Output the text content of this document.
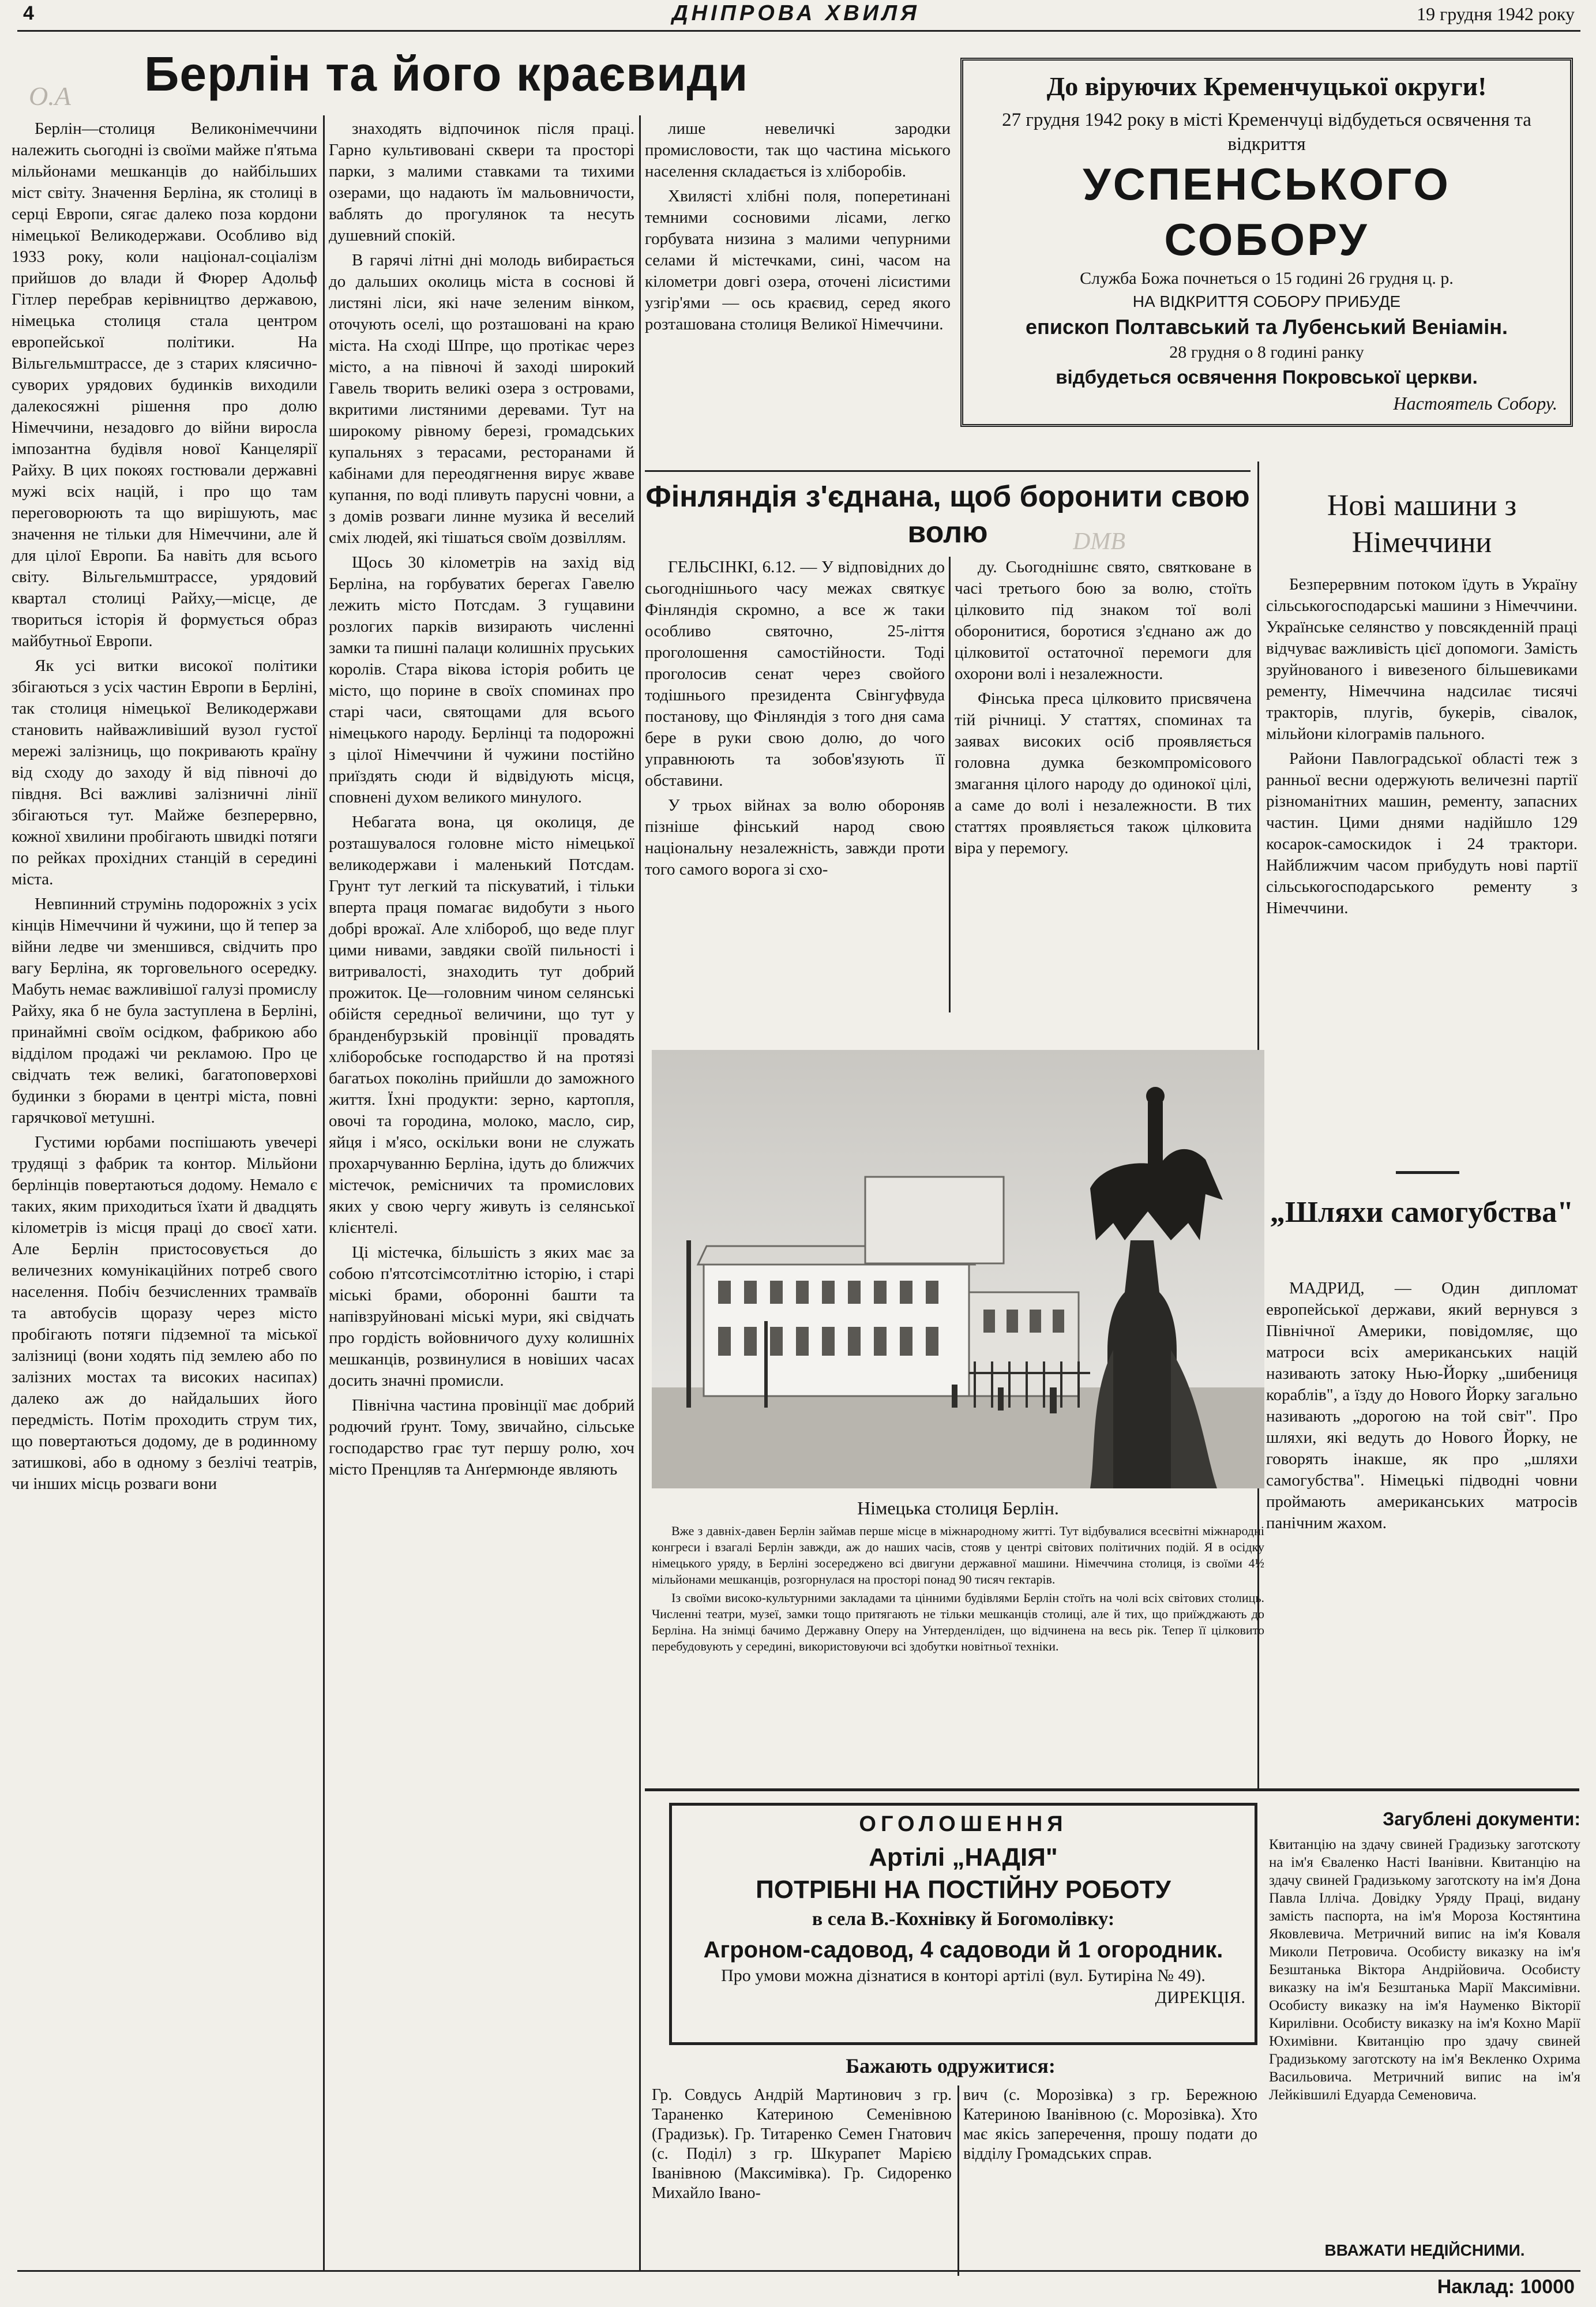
4	ДНІПРОВА ХВИЛЯ	19 грудня 1942 року
O.A
DMB
Берлін та його краєвиди

Берлін—столиця Великонімеччини належить сьогодні із своїми майже п'ятьма мільйонами мешканців до найбільших міст світу. Значення Берліна, як столиці в серці Европи, сягає далеко поза кордони німецької Великодержави. Особливо від 1933 року, коли націонал-соціалізм прийшов до влади й Фюрер Адольф Гітлер перебрав керівництво державою, німецька столиця стала центром европейської політики. На Вільгельмштрассе, де з старих клясично-суворих урядових будинків виходили далекосяжні рішення про долю Німеччини, незадовго до війни виросла імпозантна будівля нової Канцелярії Райху. В цих покоях гостювали державні мужі всіх націй, і про що там переговорюють та що вирішують, має значення не тільки для Німеччини, але й для цілої Европи. Ба навіть для всього світу. Вільгельмштрассе, урядовий квартал столиці Райху,—місце, де твориться історія й формується образ майбутньої Европи.

Як усі витки високої політики збігаються з усіх частин Европи в Берліні, так столиця німецької Великодержави становить найважливіший вузол густої мережі залізниць, що покривають країну від сходу до заходу й від півночі до півдня. Всі важливі залізничні лінії збігаються тут. Майже безперервно, кожної хвилини пробігають швидкі потяги по рейках прохідних станцій в середині міста.

Невпинний струмінь подорожніх з усіх кінців Німеччини й чужини, що й тепер за війни ледве чи зменшився, свідчить про вагу Берліна, як торговельного осередку. Мабуть немає важливішої галузі промислу Райху, яка б не була заступлена в Берліні, принаймні своїм осідком, фабрикою або відділом продажі чи рекламою. Про це свідчать теж великі, багатоповерхові будинки з бюрами в центрі міста, повні гарячкової метушні.

Густими юрбами поспішають увечері трудящі з фабрик та контор. Мільйони берлінців повертаються додому. Немало є таких, яким приходиться їхати й двадцять кілометрів із місця праці до своєї хати. Але Берлін пристосовується до величезних комунікаційних потреб свого населення. Побіч безчисленних трамваїв та автобусів щоразу через місто пробігають потяги підземної та міської залізниці (вони ходять під землею або по залізних мостах та високих насипах) далеко аж до найдальших його передмість. Потім проходить струм тих, що повертаються додому, де в родинному затишкові, або в одному з безлічі театрів, чи інших місць розваги вони

знаходять відпочинок після праці. Гарно культивовані сквери та просторі парки, з малими ставками та тихими озерами, що надають їм мальовничости, ваблять до прогулянок та несуть душевний спокій.

В гарячі літні дні молодь вибирається до дальших околиць міста в соснові й листяні ліси, які наче зеленим вінком, оточують оселі, що розташовані на краю міста. На сході Шпре, що протікає через місто, а на півночі й заході широкий Гавель творить великі озера з островами, вкритими листяними деревами. Тут на широкому рівному березі, громадських купальнях з терасами, ресторанами й кабінами для переодягнення вирує жваве купання, по воді пливуть парусні човни, а з домів розваги линне музика й веселий сміх людей, які тішаться своїм дозвіллям.

Щось 30 кілометрів на захід від Берліна, на горбуватих берегах Гавелю лежить місто Потсдам. З гущавини розлогих парків визирають численні замки та пишні палаци колишніх пруських королів. Стара вікова історія робить це місто, що порине в своїх споминах про старі часи, святощами для всього німецького народу. Берлінці та подорожні з цілої Німеччини й чужини постійно приїздять сюди й відвідують місця, сповнені духом великого минулого.

Небагата вона, ця околиця, де розташувалося головне місто німецької великодержави і маленький Потсдам. Грунт тут легкий та піскуватий, і тільки вперта праця помагає видобути з нього добрі врожаї. Але хлібороб, що веде плуг цими нивами, завдяки своїй пильності і витривалості, знаходить тут добрий прожиток. Це—головним чином селянські обійстя середньої величини, що тут у бранденбурзькій провінції провадять хліборобське господарство й на протязі багатьох поколінь прийшли до заможного життя. Їхні продукти: зерно, картопля, овочі та городина, молоко, масло, сир, яйця і м'ясо, оскільки вони не служать прохарчуванню Берліна, ідуть до ближчих містечок, ремісничих та промислових яких у свою чергу живуть із селянської клієнтелі.

Ці містечка, більшість з яких має за собою п'ятсотсімсотлітню історію, і старі міські брами, оборонні башти та напівзруйновані міські мури, які свідчать про гордість войовничого духу колишніх мешканців, розвинулися в новіших часах досить значні промисли.

Північна частина провінції має добрий родючий ґрунт. Тому, звичайно, сільське господарство грає тут першу ролю, хоч місто Пренцляв та Анґермюнде являють

лише невеличкі зародки промисловости, так що частина міського населення складається із хліборобів.

Хвилясті хлібні поля, поперетинані темними сосновими лісами, легко горбувата низина з малими чепурними селами й містечками, сині, часом на кілометри довгі озера, оточені лісистими узгір'ями — ось краєвид, серед якого розташована столиця Великої Німеччини.

До віруючих Кременчуцької округи!
27 грудня 1942 року в місті Кременчуці відбудеться освячення та відкриття
УСПЕНСЬКОГО СОБОРУ
Служба Божа почнеться о 15 годині 26 грудня ц. р.
НА ВІДКРИТТЯ СОБОРУ ПРИБУДЕ
епископ Полтавський та Лубенський Веніамін.
28 грудня о 8 годині ранку
відбудеться освячення Покровської церкви.
Настоятель Собору.
Фінляндія з'єднана, щоб боронити свою волю

ГЕЛЬСІНКІ, 6.12. — У відповідних до сьогоднішнього часу межах святкує Фінляндія скромно, а все ж таки особливо святочно, 25-ліття проголошення самостійности. Тоді проголосив сенат через свойого тодішнього президента Свінгуфвуда постанову, що Фінляндія з того дня сама бере в руки свою долю, до чого управнюють та зобов'язують її обставини.

У трьох війнах за волю обороняв пізніше фінський народ свою національну незалежність, завжди проти того самого ворога зі схо-

ду. Сьогоднішнє свято, святковане в часі третього бою за волю, стоїть цілковито під знаком тої волі оборонитися, боротися з'єднано аж до цілковитої остаточної перемоги для охорони волі і незалежности.

Фінська преса цілковито присвячена тій річниці. У статтях, споминах та заявах високих осіб проявляється головна думка безкомпромісового змагання цілого народу до одинокої цілі, а саме до волі і незалежности. В тих статтях проявляється також цілковита віра у перемогу.

Нові машини з Німеччини

Безперервним потоком їдуть в Україну сільськогосподарські машини з Німеччини. Українське селянство у повсякденній праці відчуває важливість цієї допомоги. Замість зруйнованого і вивезеного більшевиками ременту, Німеччина надсилає тисячі тракторів, плугів, букерів, сівалок, мільйони кілограмів пального.

Райони Павлоградської області теж з ранньої весни одержують величезні партії різноманітних машин, ременту, запасних частин. Цими днями надійшло 129 косарок-самоскидок і 24 трактори. Найближчим часом прибудуть нові партії сільськогосподарського ременту з Німеччини.

„Шляхи самогубства"

МАДРИД, — Один дипломат европейської держави, який вернувся з Північної Америки, повідомляє, що матроси всіх американських націй називають затоку Нью-Йорку „шибениця кораблів", а їзду до Нового Йорку загально називають „дорогою на той світ". Про шляхи, які ведуть до Нового Йорку, не говорять інакше, як про „шляхи самогубства". Німецькі підводні човни проймають американських матросів панічним жахом.

Німецька столиця Берлін.
Вже з давніх-давен Берлін займав перше місце в міжнародному житті. Тут відбувалися всесвітні міжнародні конгреси і взагалі Берлін завжди, аж до наших часів, стояв у центрі світових політичних подій. Я в осідку німецького уряду, в Берліні зосереджено всі двигуни державної машини. Німеччина столиця, із своїми 4½ мільйонами мешканців, розгорнулася на просторі понад 90 тисяч гектарів.
Із своїми високо-культурними закладами та цінними будівлями Берлін стоїть на чолі всіх світових столиць. Численні театри, музеї, замки тощо притягають не тільки мешканців столиці, але й тих, що приїжджають до Берліна. На знімці бачимо Державну Оперу на Унтерденліден, що відчинена на весь рік. Тепер її цілковито перебудовують у середині, використовуючи всі здобутки новітньої техніки.
ОГОЛОШЕННЯ
Артілі „НАДІЯ"
ПОТРІБНІ НА ПОСТІЙНУ РОБОТУ
в села В.-Кохнівку й Богомолівку:
Агроном-садовод, 4 садоводи й 1 огородник.
Про умови можна дізнатися в конторі артілі (вул. Бутиріна № 49).
ДИРЕКЦІЯ.
Бажають одружитися:

Гр. Совдусь Андрій Мартинович з гр. Тараненко Катериною Семенівною (Градизьк). Гр. Титаренко Семен Гнатович (с. Поділ) з гр. Шкурапет Марією Іванівною (Максимівка). Гр. Сидоренко Михайло Івано-

вич (с. Морозівка) з гр. Бережною Катериною Іванівною (с. Морозівка). Хто має якісь заперечення, прошу подати до відділу Громадських справ.

Загублені документи:
Квитанцію на здачу свиней Градизьку заготскоту на ім'я Єваленко Насті Іванівни. Квитанцію на здачу свиней Градизькому заготскоту на ім'я Дона Павла Ілліча. Довідку Уряду Праці, видану замість паспорта, на ім'я Мороза Костянтина Яковлевича. Метричний випис на ім'я Коваля Миколи Петровича. Особисту виказку на ім'я Безштанька Віктора Андрійовича. Особисту виказку на ім'я Безштанька Марії Максимівни. Особисту виказку на ім'я Науменко Вікторії Кирилівни. Особисту виказку на ім'я Кохно Марії Юхимівни. Квитанцію про здачу свиней Градизькому заготскоту на ім'я Векленко Охрима Васильовича. Метричний випис на ім'я Лейківшилі Едуарда Семеновича.
ВВАЖАТИ НЕДІЙСНИМИ.
Наклад: 10000
